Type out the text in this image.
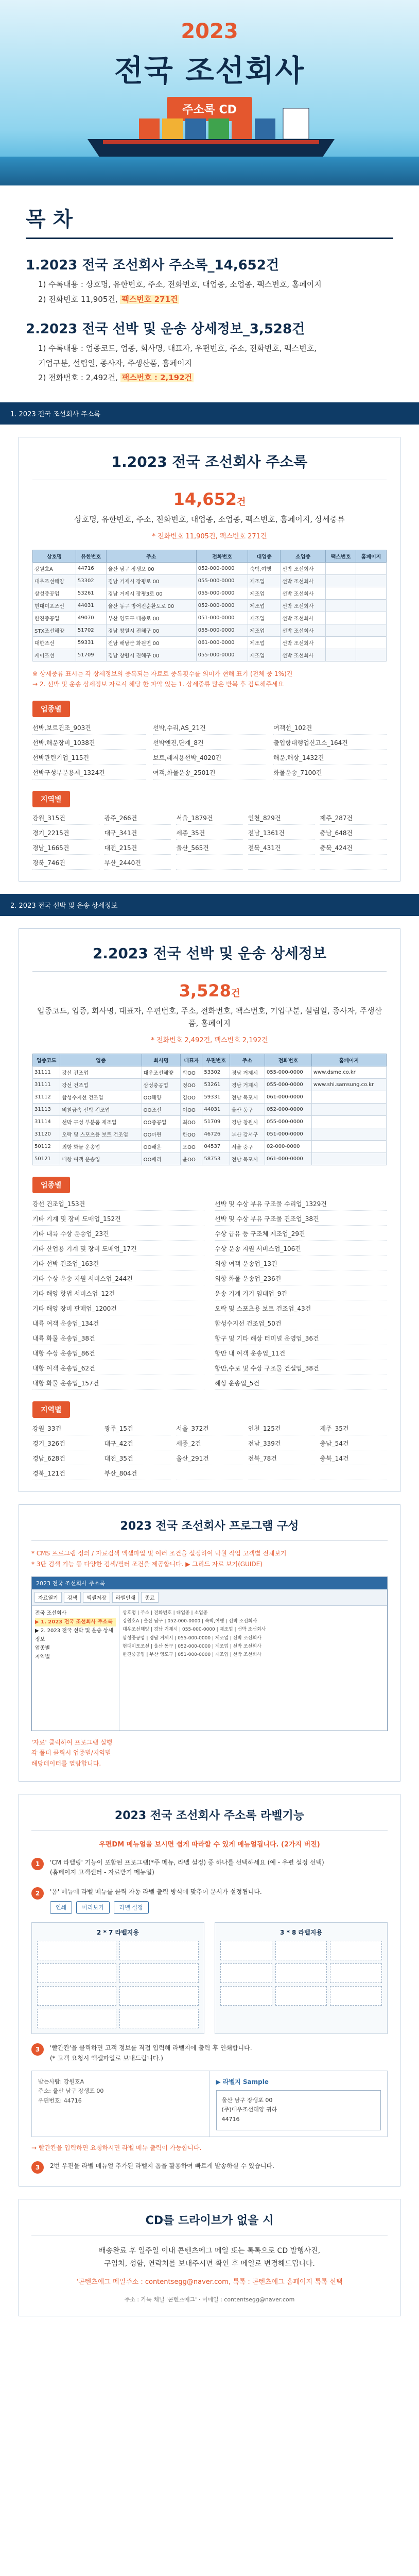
2023
전국 조선회사
주소록 CD
목 차
1.2023 전국 조선회사 주소록_14,652건
1) 수록내용 : 상호명, 유한번호, 주소, 전화번호, 대업종, 소업종, 팩스번호, 홈페이지
2) 전화번호 11,905건, 팩스번호 271건
2.2023 전국 선박 및 운송 상세정보_3,528건
1) 수록내용 : 업종코드, 업종, 회사명, 대표자, 우편번호, 주소, 전화번호, 팩스번호,
기업구분, 설립일, 종사자, 주생산품, 홈페이지
2) 전화번호 : 2,492건, 팩스번호 : 2,192건
1. 2023 전국 조선회사 주소록
1.2023 전국 조선회사 주소록
14,652건
상호명, 유한번호, 주소, 전화번호, 대업종, 소업종, 팩스번호, 홈페이지, 상세중류
* 전화번호 11,905건, 팩스번호 271건
상호명	유한번호	주소	전화번호	대업종	소업종	팩스번호	홈페이지
강원호A	44716	울산 남구 장생포 00	052-000-0000	숙박,여행	선박 조선회사		
대우조선해양	53302	경남 거제시 장평로 00	055-000-0000	제조업	선박 조선회사		
삼성중공업	53261	경남 거제시 장평3로 00	055-000-0000	제조업	선박 조선회사		
현대미포조선	44031	울산 동구 방어진순환도로 00	052-000-0000	제조업	선박 조선회사		
한진중공업	49070	부산 영도구 태종로 00	051-000-0000	제조업	선박 조선회사		
STX조선해양	51702	경남 창원시 진해구 00	055-000-0000	제조업	선박 조선회사		
대한조선	59331	전남 해남군 화원면 00	061-000-0000	제조업	선박 조선회사		
케이조선	51709	경남 창원시 진해구 00	055-000-0000	제조업	선박 조선회사		
※ 상세중류 표시는 각 상세정보의 중복되는 자료로 중복횟수를 의미가 현해 표기 (전체 중 1%)건
→ 2. 선박 및 운송 상세정보 자료시 해당 한 파악 있는 1. 상세중류 많은 반복 후 검토해주세요
업종별
선박,보트건조_903건	선박,수리,AS_21건	여객선_102건
선박,해운장비_1038건	선박엔진,단계_8건	출입항대행업신고소_164건
선박관련기업_115건	보트,레저용선박_4020건	해운,해상_1432건
선박구성부분용제_1324건	여객,화물운송_2501건	화물운송_7100건
지역별
강원_315건	광주_266건	서울_1879건	인천_829건	제주_287건
경기_2215건	대구_341건	세종_35건	전남_1361건	충남_648건
경남_1665건	대전_215건	울산_565건	전북_431건	충북_424건
경북_746건	부산_2440건
2. 2023 전국 선박 및 운송 상세정보
2.2023 전국 선박 및 운송 상세정보
3,528건
업종코드, 업종, 회사명, 대표자, 우편번호, 주소, 전화번호, 팩스번호, 기업구분, 설립일, 종사자, 주생산품, 홈페이지
* 전화번호 2,492건, 팩스번호 2,192건
업종코드	업종	회사명	대표자	우편번호	주소	전화번호	홈페이지
31111	강선 건조업	대우조선해양	박OO	53302	경남 거제시	055-000-0000	www.dsme.co.kr
31111	강선 건조업	삼성중공업	정OO	53261	경남 거제시	055-000-0000	www.shi.samsung.co.kr
31112	합성수지선 건조업	OO해양	김OO	59331	전남 목포시	061-000-0000	
31113	비철금속 선박 건조업	OO조선	이OO	44031	울산 동구	052-000-0000	
31114	선박 구성 부분품 제조업	OO중공업	최OO	51709	경남 창원시	055-000-0000	
31120	오락 및 스포츠용 보트 건조업	OO마린	한OO	46726	부산 강서구	051-000-0000	
50112	외항 화물 운송업	OO해운	오OO	04537	서울 중구	02-000-0000	
50121	내항 여객 운송업	OO페리	윤OO	58753	전남 목포시	061-000-0000	
업종별
강선 건조업_153건	선박 및 수상 부유 구조물 수리업_1329건
기타 기계 및 장비 도매업_152건	선박 및 수상 부유 구조물 건조업_38건
기타 내륙 수상 운송업_23건	수상 급유 등 구조체 제조업_29건
기타 산업용 기계 및 장비 도매업_17건	수상 운송 지원 서비스업_106건
기타 선박 건조업_163건	외항 여객 운송업_13건
기타 수상 운송 지원 서비스업_244건	외항 화물 운송업_236건
기타 해양 항법 서비스업_12건	운송 기계 기기 임대업_9건
기타 해양 장비 판매업_1200건	오락 및 스포츠용 보트 건조업_43건
내륙 여객 운송업_134건	합성수지선 건조업_50건
내륙 화물 운송업_38건	항구 및 기타 해상 터미널 운영업_36건
내항 수상 운송업_86건	항만 내 여객 운송업_11건
내항 여객 운송업_62건	항만,수로 및 수상 구조물 건설업_38건
내항 화물 운송업_157건	해상 운송업_5건
지역별
강원_33건	광주_15건	서울_372건	인천_125건	제주_35건
경기_326건	대구_42건	세종_2건	전남_339건	충남_54건
경남_628건	대전_35건	울산_291건	전북_78건	충북_14건
경북_121건	부산_804건
2023 전국 조선회사 프로그램 구성
* CMS 프로그램 정의 / 자료검색 엑셀파일 및 여러 조건을 설정하여 탁월 작업 고객별 전체보기
* 3단 검색 기능 등 다양한 검색/필터 조건을 제공합니다. ▶ 그리드 자료 보기(GUIDE)
2023 전국 조선회사 주소록
자료열기	검색	엑셀저장	라벨인쇄	종료
전국 조선회사
▶ 1. 2023 전국 조선회사 주소록
▶ 2. 2023 전국 선박 및 운송 상세정보
업종별
지역별
상호명 | 주소 | 전화번호 | 대업종 | 소업종
강원호A | 울산 남구 | 052-000-0000 | 숙박,여행 | 선박 조선회사
대우조선해양 | 경남 거제시 | 055-000-0000 | 제조업 | 선박 조선회사
삼성중공업 | 경남 거제시 | 055-000-0000 | 제조업 | 선박 조선회사
현대미포조선 | 울산 동구 | 052-000-0000 | 제조업 | 선박 조선회사
한진중공업 | 부산 영도구 | 051-000-0000 | 제조업 | 선박 조선회사
'자료' 클릭하여 프로그램 실행
각 폴더 클릭시 업종별/지역별
해당데이터를 열람합니다.
2023 전국 조선회사 주소록 라벨기능
우편DM 메뉴얼을 보시면 쉽게 따라할 수 있게 메뉴얼됩니다. (2가지 버전)
1	'CM 라벨링' 기능이 포함된 프로그램(*주 메뉴, 라벨 설정) 중 하나를 선택하세요 (예 - 우편 설정 선택)
(홈페이지 고객센터 - 자료받기 메뉴얼)
2	'폼' 메뉴에 라벨 메뉴를 클릭 자동 라벨 출력 방식에 맞추어 문서가 설정됩니다.
인쇄	미리보기	라벨 설정
2 * 7 라벨지용	3 * 8 라벨지용
3	'빨간칸'을 클릭하면 고객 정보를 직접 입력해 라벨지에 출력 후 인쇄합니다.
(* 고객 요청시 엑셀파일로 보내드립니다.)
받는사람: 강원호A
주소: 울산 남구 장생포 00
우편번호: 44716
▶ 라벨지 Sample
울산 남구 장생포 00
(주)대우조선해양 귀하
44716
→ 빨간칸을 입력하면 요청하시면 라벨 메뉴 출력이 가능합니다.
3	2번 우편물 라벨 메뉴얼 추가된 라벨지 폼을 활용하여 빠르게 발송하실 수 있습니다.
CD를 드라이브가 없을 시
배송완료 후 일주일 이내 콘텐츠에그 메일 또는 톡톡으로 CD 발행사진,
구입처, 성함, 연락처를 보내주시면 확인 후 메일로 변경해드립니다.
'콘텐츠에그 메일주소 : contentsegg@naver.com, 톡톡 : 콘텐츠에그 홈페이지 톡톡 선택
주소 : 카톡 채널 '콘텐츠에그' · 이메일 : contentsegg@naver.com
